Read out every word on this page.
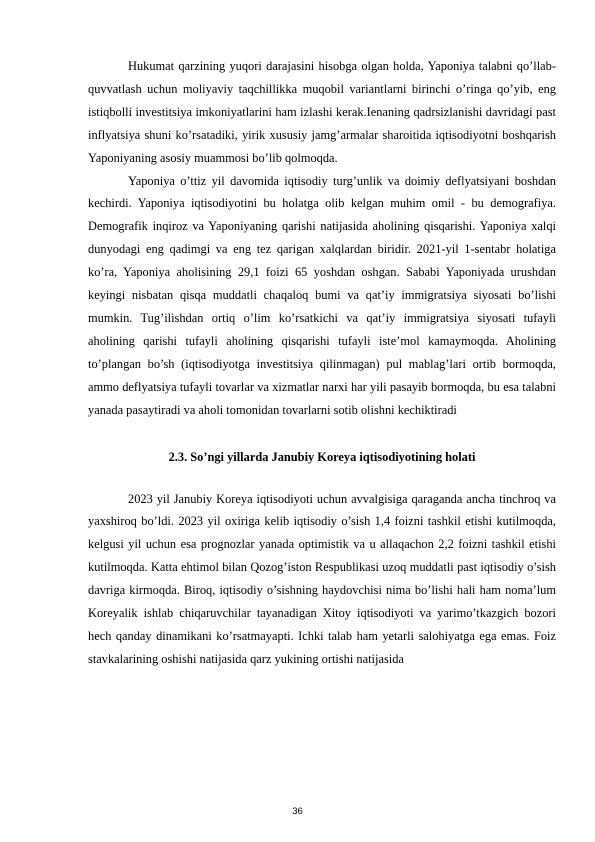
Hukumat qarzining yuqori darajasini hisobga olgan holda, Yaponiya talabni qo’llab-quvvatlash uchun moliyaviy taqchillikka muqobil variantlarni birinchi o’ringa qo’yib, eng istiqbolli investitsiya imkoniyatlarini ham izlashi kerak.Ienaning qadrsizlanishi davridagi past inflyatsiya shuni ko’rsatadiki, yirik xususiy jamg’armalar sharoitida iqtisodiyotni boshqarish Yaponiyaning asosiy muammosi bo’lib qolmoqda.

Yaponiya o’ttiz yil davomida iqtisodiy turg’unlik va doimiy deflyatsiyani boshdan kechirdi. Yaponiya iqtisodiyotini bu holatga olib kelgan muhim omil - bu demografiya. Demografik inqiroz va Yaponiyaning qarishi natijasida aholining qisqarishi. Yaponiya xalqi dunyodagi eng qadimgi va eng tez qarigan xalqlardan biridir. 2021-yil 1-sentabr holatiga ko’ra, Yaponiya aholisining 29,1 foizi 65 yoshdan oshgan. Sababi Yaponiyada urushdan keyingi nisbatan qisqa muddatli chaqaloq bumi va qat’iy immigratsiya siyosati bo’lishi mumkin. Tug’ilishdan ortiq o’lim ko’rsatkichi va qat’iy immigratsiya siyosati tufayli aholining qarishi tufayli aholining qisqarishi tufayli iste’mol kamaymoqda. Aholining to’plangan bo’sh (iqtisodiyotga investitsiya qilinmagan) pul mablag’lari ortib bormoqda, ammo deflyatsiya tufayli tovarlar va xizmatlar narxi har yili pasayib bormoqda, bu esa talabni yanada pasaytiradi va aholi tomonidan tovarlarni sotib olishni kechiktiradi

2.3. So’ngi yillarda Janubiy Koreya iqtisodiyotining holati

2023 yil Janubiy Koreya iqtisodiyoti uchun avvalgisiga qaraganda ancha tinchroq va yaxshiroq bo’ldi. 2023 yil oxiriga kelib iqtisodiy o’sish 1,4 foizni tashkil etishi kutilmoqda, kelgusi yil uchun esa prognozlar yanada optimistik va u allaqachon 2,2 foizni tashkil etishi kutilmoqda. Katta ehtimol bilan Qozog’iston Respublikasi uzoq muddatli past iqtisodiy o’sish davriga kirmoqda. Biroq, iqtisodiy o’sishning haydovchisi nima bo’lishi hali ham noma’lum Koreyalik ishlab chiqaruvchilar tayanadigan Xitoy iqtisodiyoti va yarimo’tkazgich bozori hech qanday dinamikani ko’rsatmayapti. Ichki talab ham yetarli salohiyatga ega emas. Foiz stavkalarining oshishi natijasida qarz yukining ortishi natijasida

36
